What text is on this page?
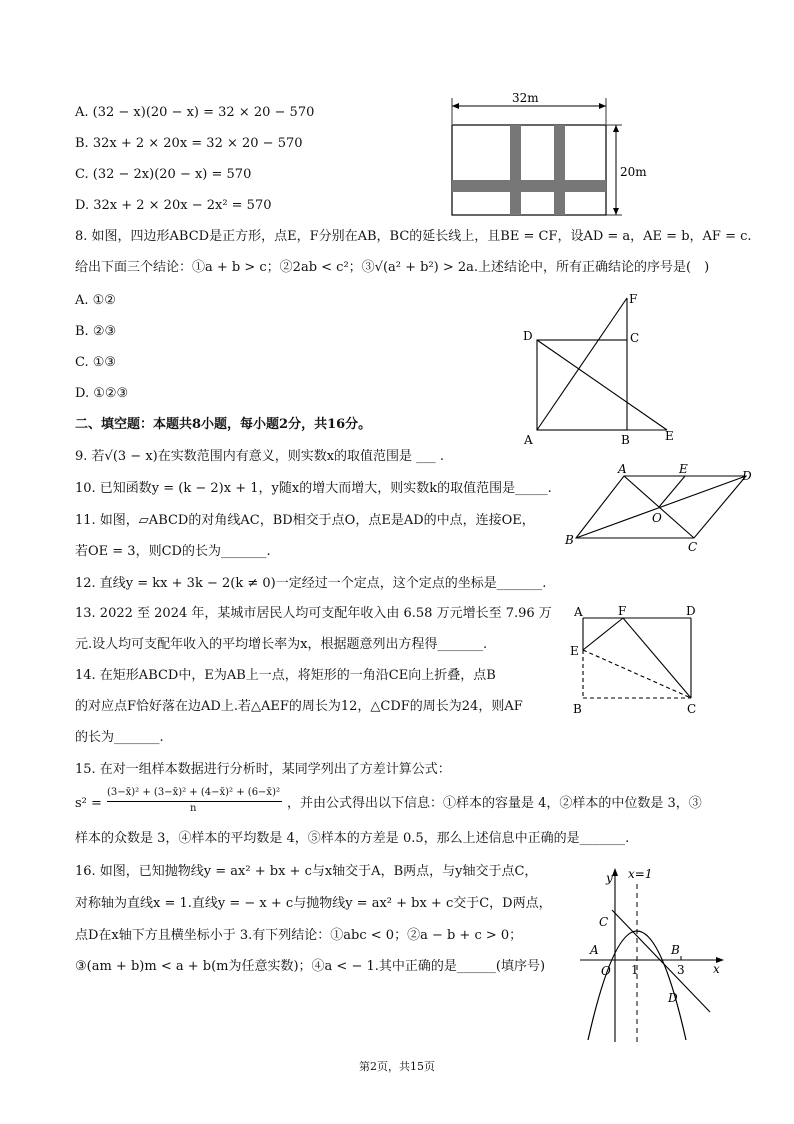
A. (32 − x)(20 − x) = 32 × 20 − 570
B. 32x + 2 × 20x = 32 × 20 − 570
C. (32 − 2x)(20 − x) = 570
D. 32x + 2 × 20x − 2x² = 570
32m
20m
8. 如图，四边形ABCD是正方形，点E，F分别在AB，BC的延长线上，且BE = CF，设AD = a，AE = b，AF = c.
给出下面三个结论：①a + b > c；②2ab < c²；③√(a² + b²) > 2a.上述结论中，所有正确结论的序号是(　)
A. ①②
B. ②③
C. ①③
D. ①②③
F
D	C
A	B	E
二、填空题：本题共8小题，每小题2分，共16分。
9. 若√(3 − x)在实数范围内有意义，则实数x的取值范围是 ___ .
10. 已知函数y = (k − 2)x + 1，y随x的增大而增大，则实数k的取值范围是_____.
11. 如图，▱ABCD的对角线AC，BD相交于点O，点E是AD的中点，连接OE，
若OE = 3，则CD的长为_______.
A	E	D
O
B	C
12. 直线y = kx + 3k − 2(k ≠ 0)一定经过一个定点，这个定点的坐标是_______.
13. 2022 至 2024 年，某城市居民人均可支配年收入由 6.58 万元增长至 7.96 万
元.设人均可支配年收入的平均增长率为x，根据题意列出方程得_______.
14. 在矩形ABCD中，E为AB上一点，将矩形的一角沿CE向上折叠，点B
的对应点F恰好落在边AD上.若△AEF的周长为12，△CDF的周长为24，则AF
的长为_______.
A	F	D
E
B	C
15. 在对一组样本数据进行分析时，某同学列出了方差计算公式：
s² =
(3−x̄)² + (3−x̄)² + (4−x̄)² + (6−x̄)²
n	，并由公式得出以下信息：①样本的容量是 4，②样本的中位数是 3，③
样本的众数是 3，④样本的平均数是 4，⑤样本的方差是 0.5，那么上述信息中正确的是_______.
16. 如图，已知抛物线y = ax² + bx + c与x轴交于A，B两点，与y轴交于点C，
对称轴为直线x = 1.直线y = − x + c与抛物线y = ax² + bx + c交于C，D两点，
点D在x轴下方且横坐标小于 3.有下列结论：①abc < 0；②a − b + c > 0；
③(am + b)m < a + b(m为任意实数)；④a < − 1.其中正确的是______(填序号)
y x=1
C
A	B
O 1	3 x
D
第2页，共15页
